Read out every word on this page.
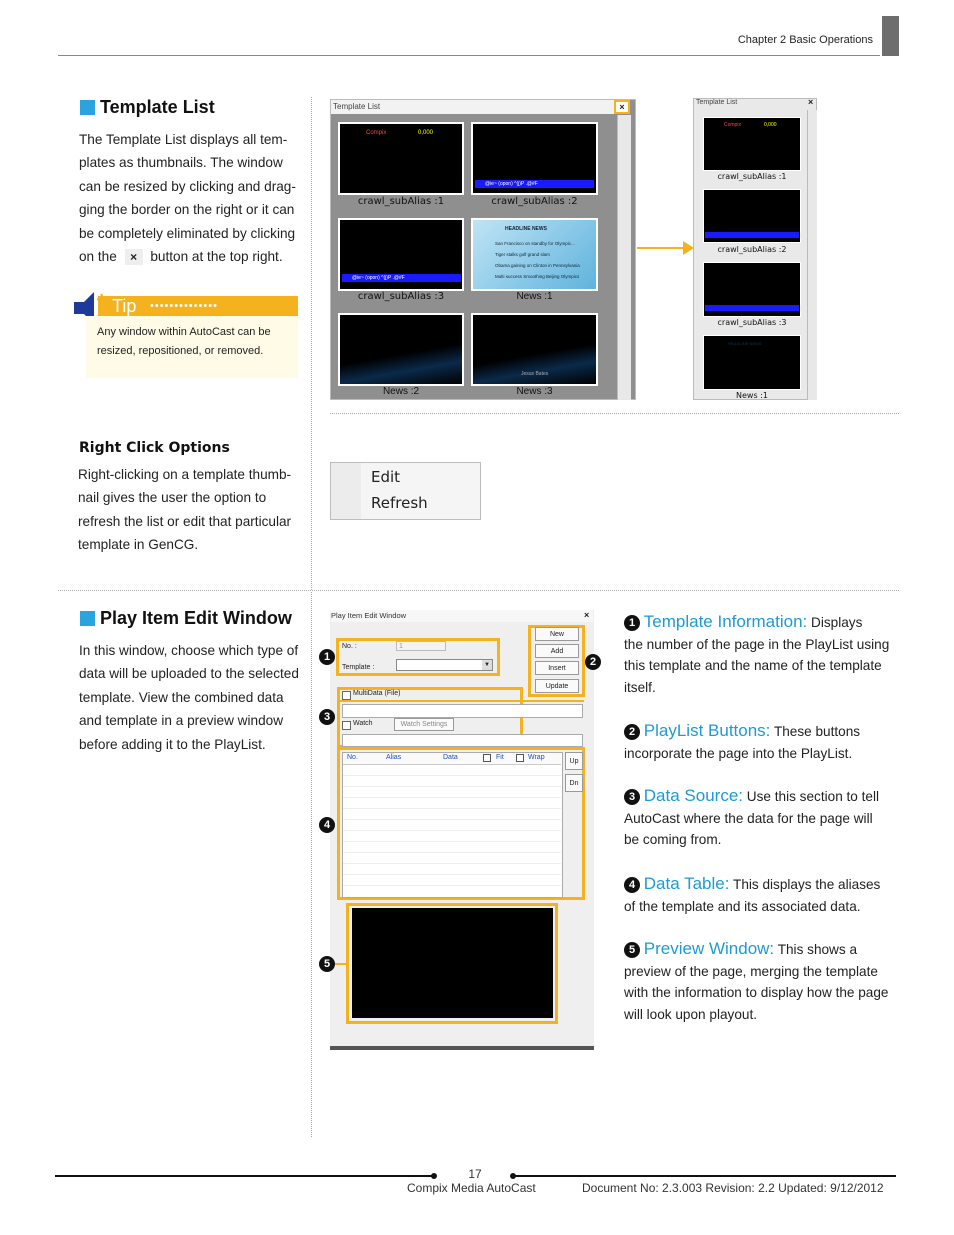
Chapter 2 Basic Operations
Template List
The Template List displays all tem-
plates as thumbnails. The window
can be resized by clicking and drag-
ging the border on the right or it can
be completely eliminated by clicking
on the × button at the top right.
Tip ••••••••••••••
Any window within AutoCast can be resized, repositioned, or removed.
Template List	×
Compix	0,000
crawl_subAlias :1
@ie~ (opon) ^(j)P .@#F
crawl_subAlias :2
@ie~ (opon) ^(j)P .@#F
crawl_subAlias :3
HEADLINE NEWS
San Francisco on standby for Olympic...
Tiger stalks golf grand slam
Obama gaining on Clinton in Pennsylvania
Multi success Smoothing Beijing Olympics
News :1
News :2
Jesus Bates
News :3
Template List	×
Compix	0,000
crawl_subAlias :1
crawl_subAlias :2
crawl_subAlias :3
HEADLINE NEWS
News :1
Right Click Options
Right-clicking on a template thumb-
nail gives the user the option to
refresh the list or edit that particular
template in GenCG.
Edit
Refresh
Play Item Edit Window
In this window, choose which type of
data will be uploaded to the selected
template. View the combined data
and template in a preview window
before adding it to the PlayList.
Play Item Edit Window	×
No. :	1
Template :	▼
1
New
Add
Insert
Update
2
MultiData (File)
Watch	Watch Settings
3
No.	Alias	Data	Fit	Wrap
Up
Dn
4
5
1 Template Information: Displays
the number of the page in the PlayList using
this template and the name of the template
itself.
2 PlayList Buttons: These buttons
incorporate the page into the PlayList.
3 Data Source: Use this section to tell
AutoCast where the data for the page will
be coming from.
4 Data Table: This displays the aliases
of the template and its associated data.
5 Preview Window: This shows a
preview of the page, merging the template
with the information to display how the page
will look upon playout.
17
Compix Media AutoCast	Document No: 2.3.003 Revision: 2.2 Updated: 9/12/2012
